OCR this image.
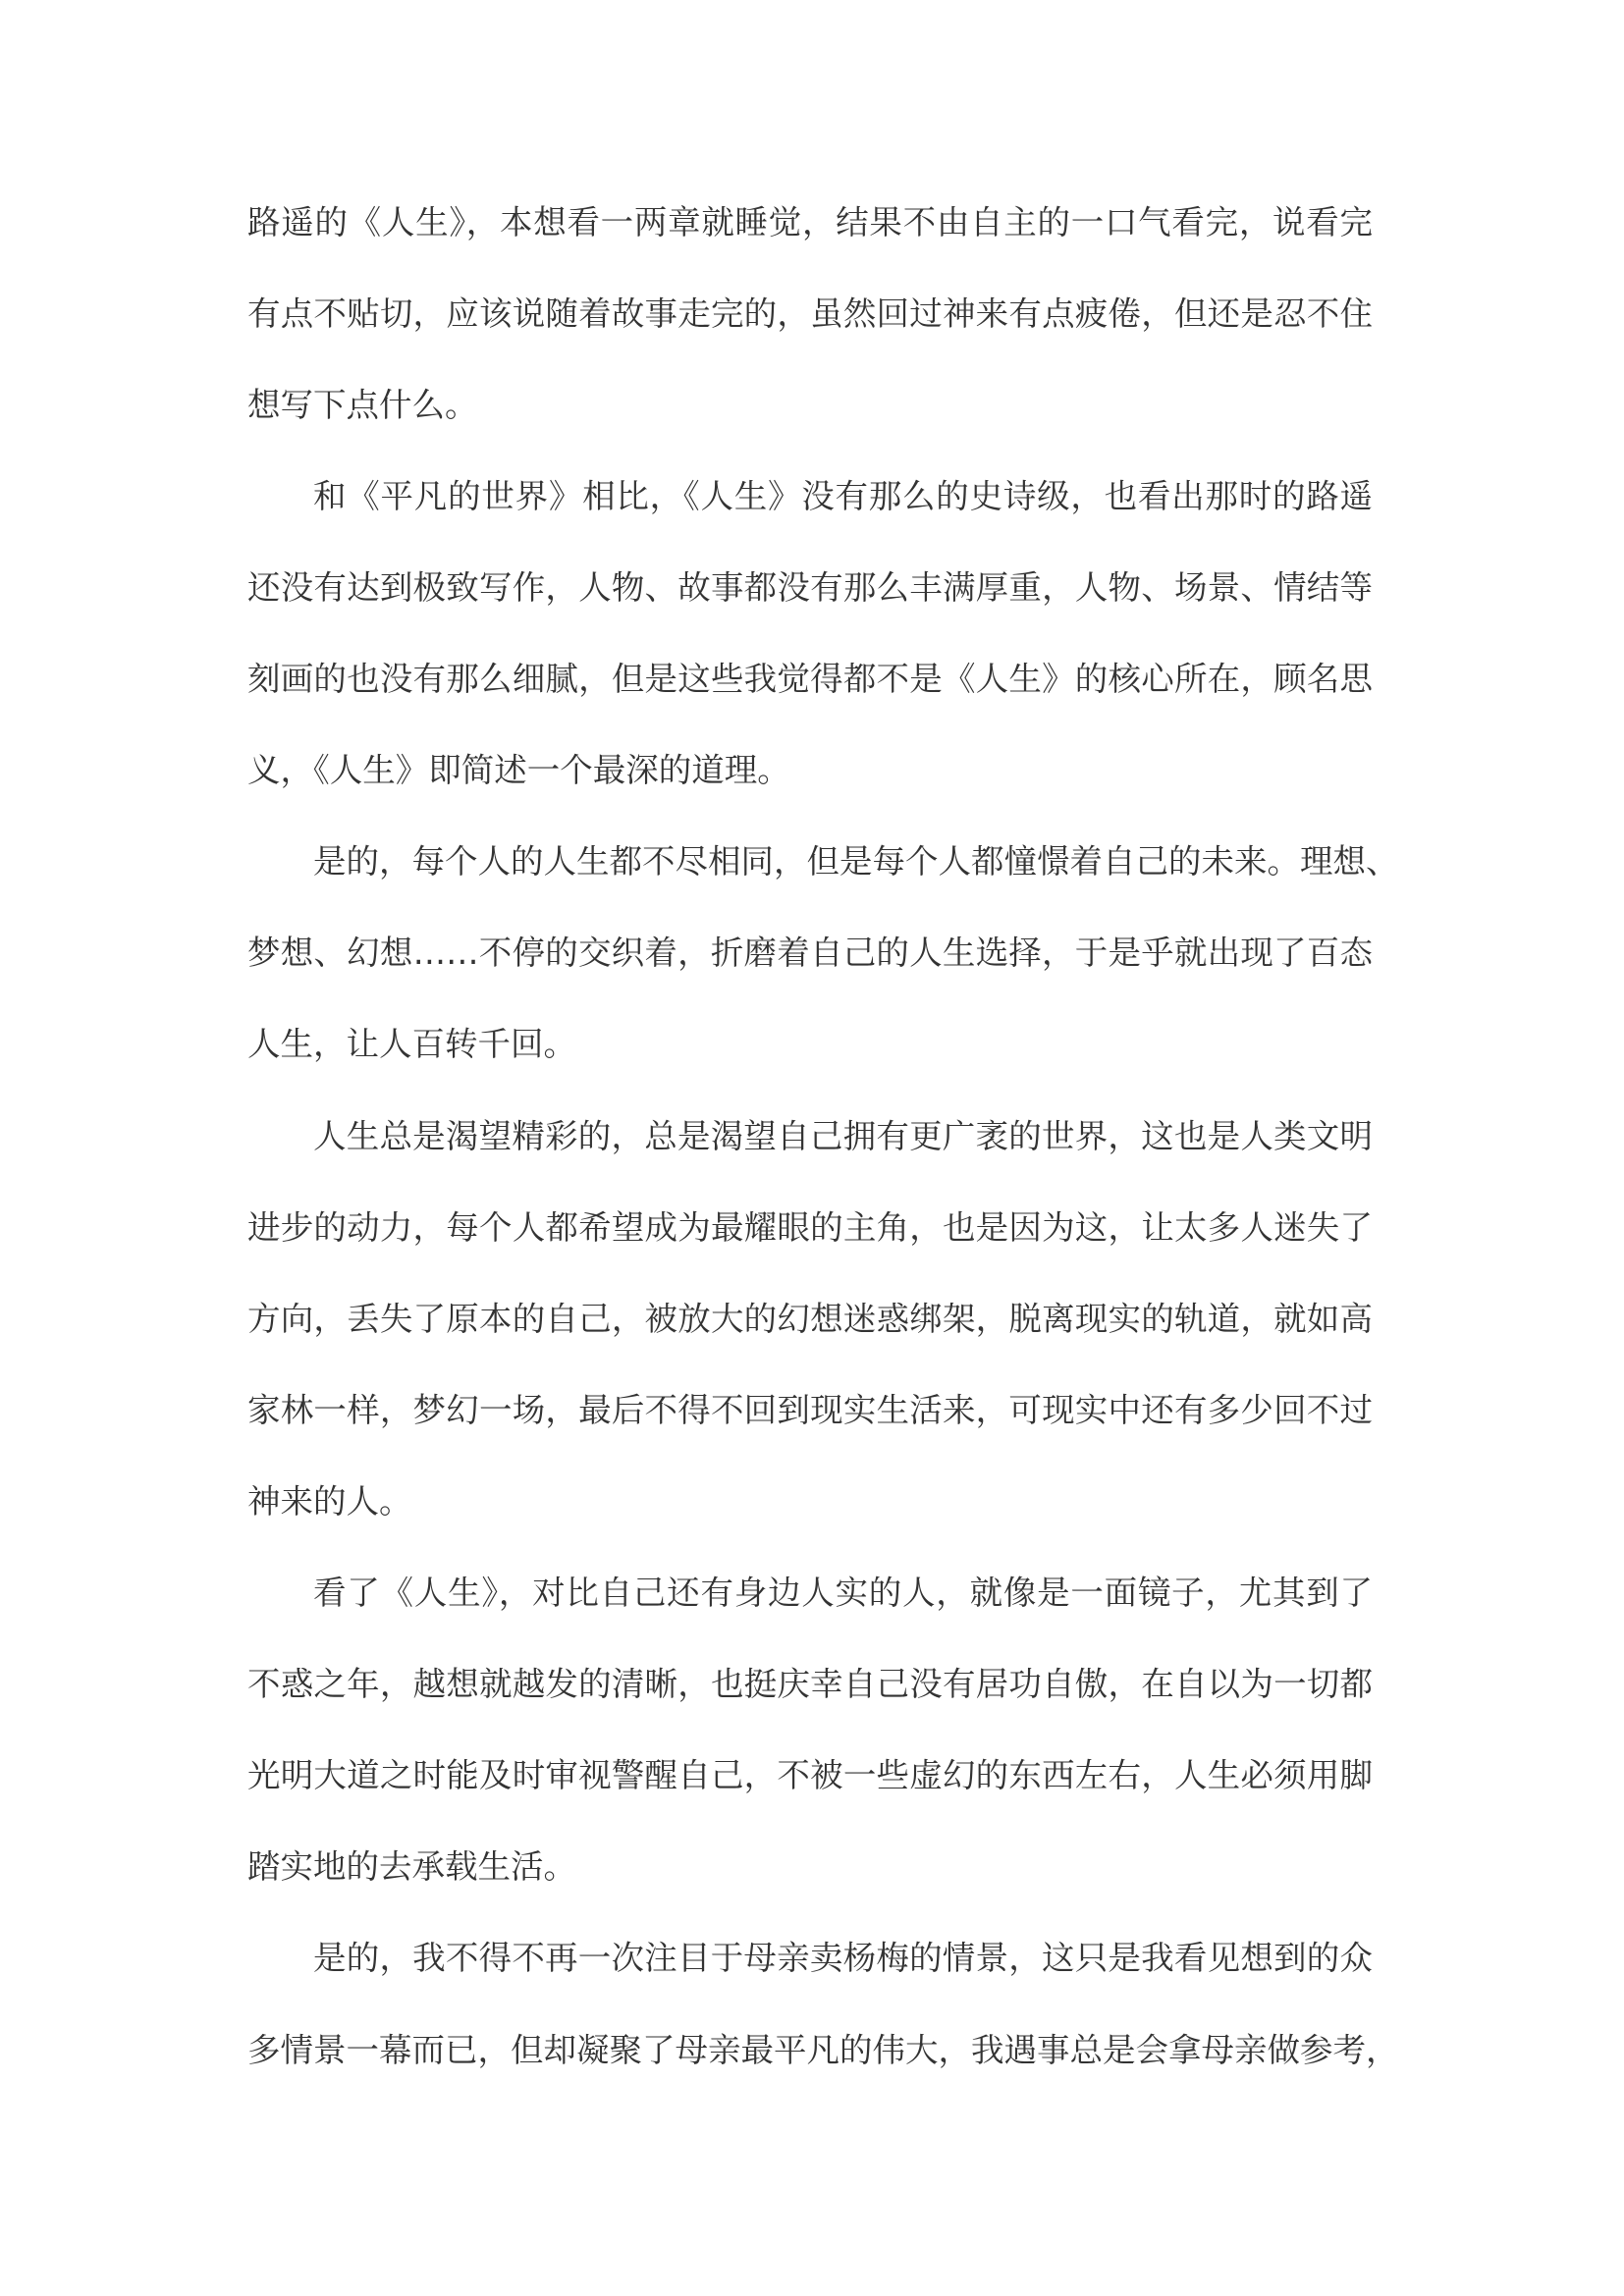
路遥的《人生》，本想看一两章就睡觉，结果不由自主的一口气看完，说看完
有点不贴切，应该说随着故事走完的，虽然回过神来有点疲倦，但还是忍不住
想写下点什么。
和《平凡的世界》相比，《人生》没有那么的史诗级，也看出那时的路遥
还没有达到极致写作，人物、故事都没有那么丰满厚重，人物、场景、情结等
刻画的也没有那么细腻，但是这些我觉得都不是《人生》的核心所在，顾名思
义，《人生》即简述一个最深的道理。
是的，每个人的人生都不尽相同，但是每个人都憧憬着自己的未来。理想、
梦想、幻想……不停的交织着，折磨着自己的人生选择，于是乎就出现了百态
人生，让人百转千回。
人生总是渴望精彩的，总是渴望自己拥有更广袤的世界，这也是人类文明
进步的动力，每个人都希望成为最耀眼的主角，也是因为这，让太多人迷失了
方向，丢失了原本的自己，被放大的幻想迷惑绑架，脱离现实的轨道，就如高
家林一样，梦幻一场，最后不得不回到现实生活来，可现实中还有多少回不过
神来的人。
看了《人生》，对比自己还有身边人实的人，就像是一面镜子，尤其到了
不惑之年，越想就越发的清晰，也挺庆幸自己没有居功自傲，在自以为一切都
光明大道之时能及时审视警醒自己，不被一些虚幻的东西左右，人生必须用脚
踏实地的去承载生活。
是的，我不得不再一次注目于母亲卖杨梅的情景，这只是我看见想到的众
多情景一幕而已，但却凝聚了母亲最平凡的伟大，我遇事总是会拿母亲做参考，
